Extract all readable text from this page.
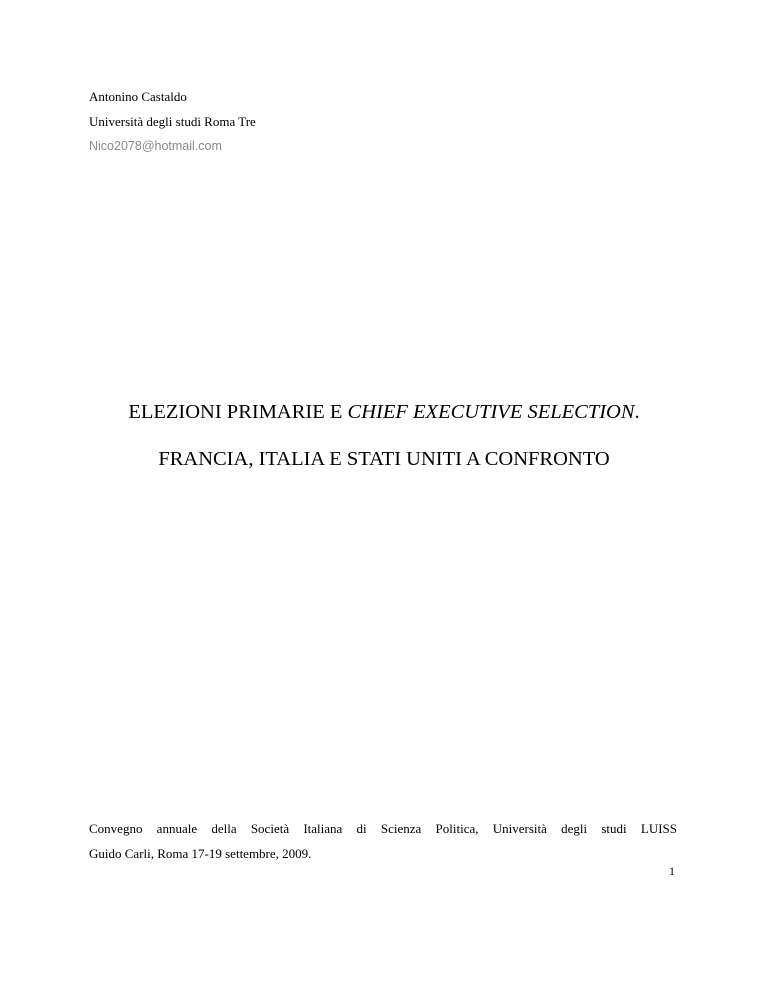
Antonino Castaldo
Università degli studi Roma Tre
Nico2078@hotmail.com
ELEZIONI PRIMARIE E CHIEF EXECUTIVE SELECTION.
FRANCIA, ITALIA E STATI UNITI A CONFRONTO
Convegno annuale della Società Italiana di Scienza Politica, Università degli studi LUISS
Guido Carli, Roma 17-19 settembre, 2009.
1
